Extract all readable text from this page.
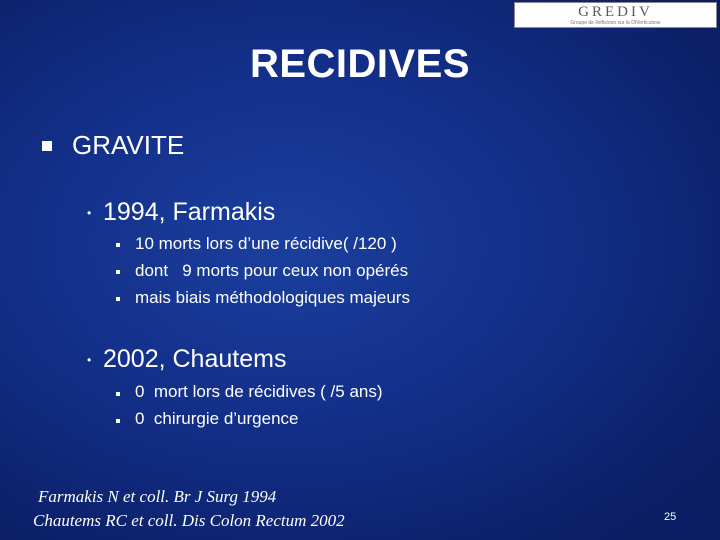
GREDIV
Groupe de Réflexion sur la DIVerticulose
RECIDIVES
GRAVITE
• 1994, Farmakis
10 morts lors d’une récidive( /120 )
dont   9 morts pour ceux non opérés
mais biais méthodologiques majeurs
• 2002, Chautems
0  mort lors de récidives ( /5 ans)
0  chirurgie d’urgence
Farmakis N et coll. Br J Surg 1994
Chautems RC et coll. Dis Colon Rectum 2002	25
